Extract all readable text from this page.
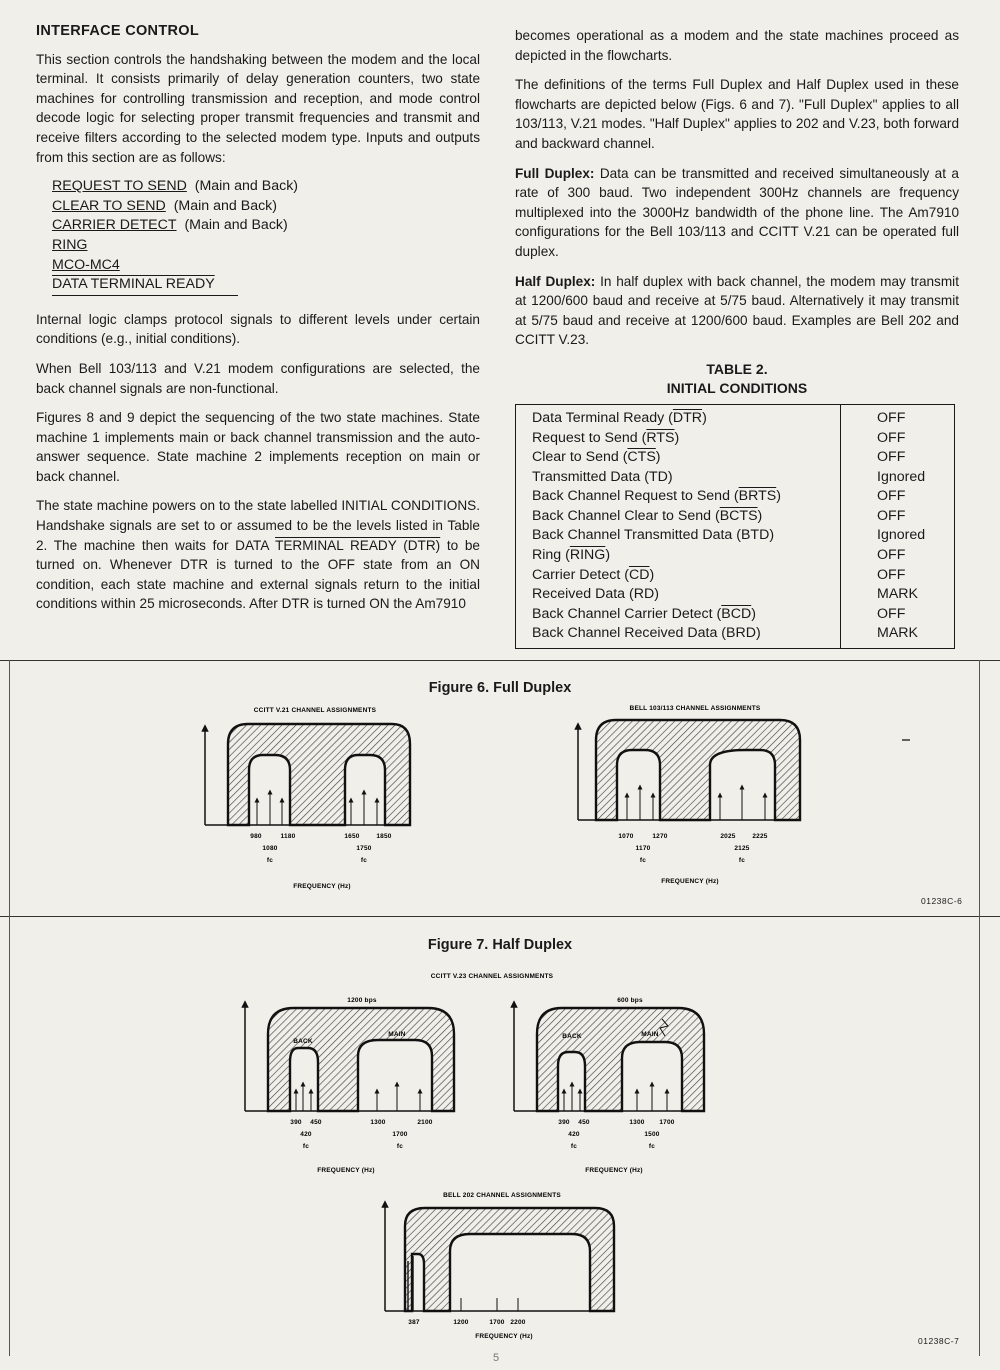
INTERFACE CONTROL

This section controls the handshaking between the modem and the local terminal. It consists primarily of delay generation counters, two state machines for controlling transmission and reception, and mode control decode logic for selecting proper transmit frequencies and transmit and receive filters according to the selected modem type. Inputs and outputs from this section are as follows:

REQUEST TO SEND (Main and Back)
CLEAR TO SEND (Main and Back)
CARRIER DETECT (Main and Back)
RING
MCO-MC4
DATA TERMINAL READY

Internal logic clamps protocol signals to different levels under certain conditions (e.g., initial conditions).

When Bell 103/113 and V.21 modem configurations are selected, the back channel signals are non-functional.

Figures 8 and 9 depict the sequencing of the two state machines. State machine 1 implements main or back channel transmission and the auto-answer sequence. State machine 2 implements reception on main or back channel.

The state machine powers on to the state labelled INITIAL CONDITIONS. Handshake signals are set to or assumed to be the levels listed in Table 2. The machine then waits for DATA TERMINAL READY (DTR) to be turned on. Whenever DTR is turned to the OFF state from an ON condition, each state machine and external signals return to the initial conditions within 25 microseconds. After DTR is turned ON the Am7910

becomes operational as a modem and the state machines proceed as depicted in the flowcharts.

The definitions of the terms Full Duplex and Half Duplex used in these flowcharts are depicted below (Figs. 6 and 7). "Full Duplex" applies to all 103/113, V.21 modes. "Half Duplex" applies to 202 and V.23, both forward and backward channel.

Full Duplex: Data can be transmitted and received simultaneously at a rate of 300 baud. Two independent 300Hz channels are frequency multiplexed into the 3000Hz bandwidth of the phone line. The Am7910 configurations for the Bell 103/113 and CCITT V.21 can be operated full duplex.

Half Duplex: In half duplex with back channel, the modem may transmit at 1200/600 baud and receive at 5/75 baud. Alternatively it may transmit at 5/75 baud and receive at 1200/600 baud. Examples are Bell 202 and CCITT V.23.

TABLE 2.
INITIAL CONDITIONS
Data Terminal Ready $(\overline{DTR})$	OFF
Request to Send $(\overline{RTS})$	OFF
Clear to Send $(\overline{CTS})$	OFF
Transmitted Data (TD)	Ignored
Back Channel Request to Send (BRTS)	OFF
Back Channel Clear to Send (BCTS)	OFF
Back Channel Transmitted Data (BTD)	Ignored
Ring (RING)	OFF
Carrier Detect $(\overline{CD})$	OFF
Received Data (RD)	MARK
Back Channel Carrier Detect $(\overline{BCD})$	OFF
Back Channel Received Data (BRD)	MARK
Figure 6. Full Duplex
CCITT V.21 CHANNEL ASSIGNMENTS
980	1180	1650	1850
1080	1750
fc	fc
FREQUENCY (Hz)
BELL 103/113 CHANNEL ASSIGNMENTS
1070	1270	2025	2225
1170	2125
fc	fc
FREQUENCY (Hz)
01238C-6
Figure 7. Half Duplex
CCITT V.23 CHANNEL ASSIGNMENTS
1200 bps
BACK
MAIN
390 450	1300	2100
420	1700
fc	fc
FREQUENCY (Hz)
600 bps
BACK	MAIN
390 450	1300 1700
420	1500
fc	fc
FREQUENCY (Hz)
BELL 202 CHANNEL ASSIGNMENTS
387	1200	1700 2200
FREQUENCY (Hz)	01238C-7
5
